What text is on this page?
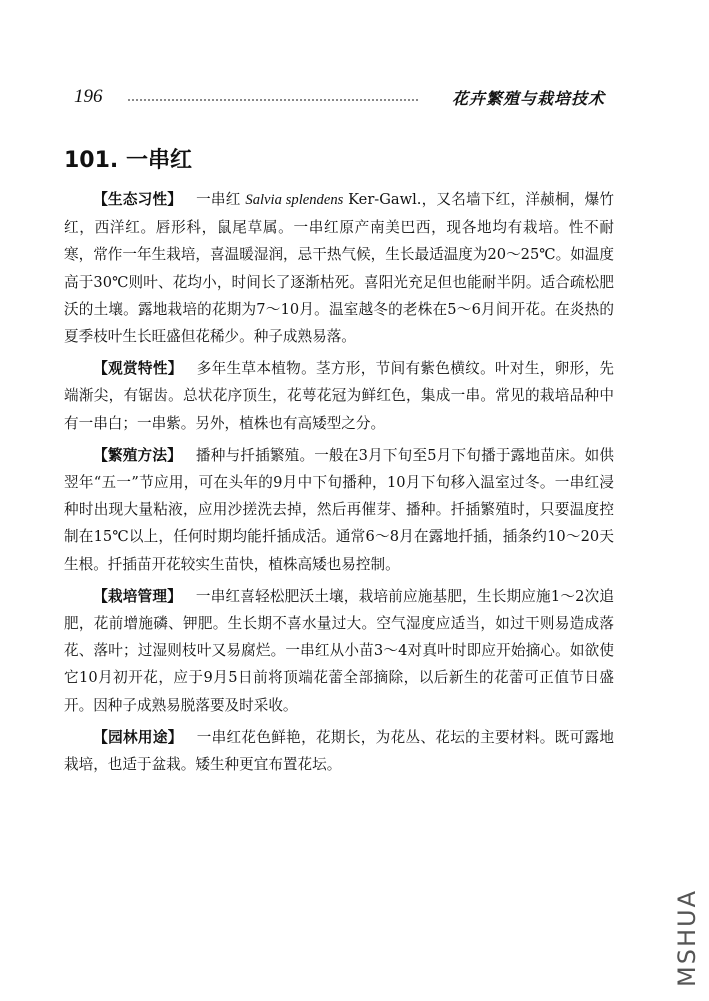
196	花卉繁殖与栽培技术
101. 一串红

【生态习性】 一串红 Salvia splendens Ker-Gawl.，又名墙下红，洋赪桐，爆竹红，西洋红。唇形科，鼠尾草属。一串红原产南美巴西，现各地均有栽培。性不耐寒，常作一年生栽培，喜温暖湿润，忌干热气候，生长最适温度为20～25℃。如温度高于30℃则叶、花均小，时间长了逐渐枯死。喜阳光充足但也能耐半阴。适合疏松肥沃的土壤。露地栽培的花期为7～10月。温室越冬的老株在5～6月间开花。在炎热的夏季枝叶生长旺盛但花稀少。种子成熟易落。

【观赏特性】 多年生草本植物。茎方形，节间有紫色横纹。叶对生，卵形，先端渐尖，有锯齿。总状花序顶生，花萼花冠为鲜红色，集成一串。常见的栽培品种中有一串白；一串紫。另外，植株也有高矮型之分。

【繁殖方法】 播种与扦插繁殖。一般在3月下旬至5月下旬播于露地苗床。如供翌年“五一”节应用，可在头年的9月中下旬播种，10月下旬移入温室过冬。一串红浸种时出现大量粘液，应用沙搓洗去掉，然后再催芽、播种。扦插繁殖时，只要温度控制在15℃以上，任何时期均能扦插成活。通常6～8月在露地扦插，插条约10～20天生根。扦插苗开花较实生苗快，植株高矮也易控制。

【栽培管理】 一串红喜轻松肥沃土壤，栽培前应施基肥，生长期应施1～2次追肥，花前增施磷、钾肥。生长期不喜水量过大。空气湿度应适当，如过干则易造成落花、落叶；过湿则枝叶又易腐烂。一串红从小苗3～4对真叶时即应开始摘心。如欲使它10月初开花，应于9月5日前将顶端花蕾全部摘除，以后新生的花蕾可正值节日盛开。因种子成熟易脱落要及时采收。

【园林用途】 一串红花色鲜艳，花期长，为花丛、花坛的主要材料。既可露地栽培，也适于盆栽。矮生种更宜布置花坛。

MSHUA
